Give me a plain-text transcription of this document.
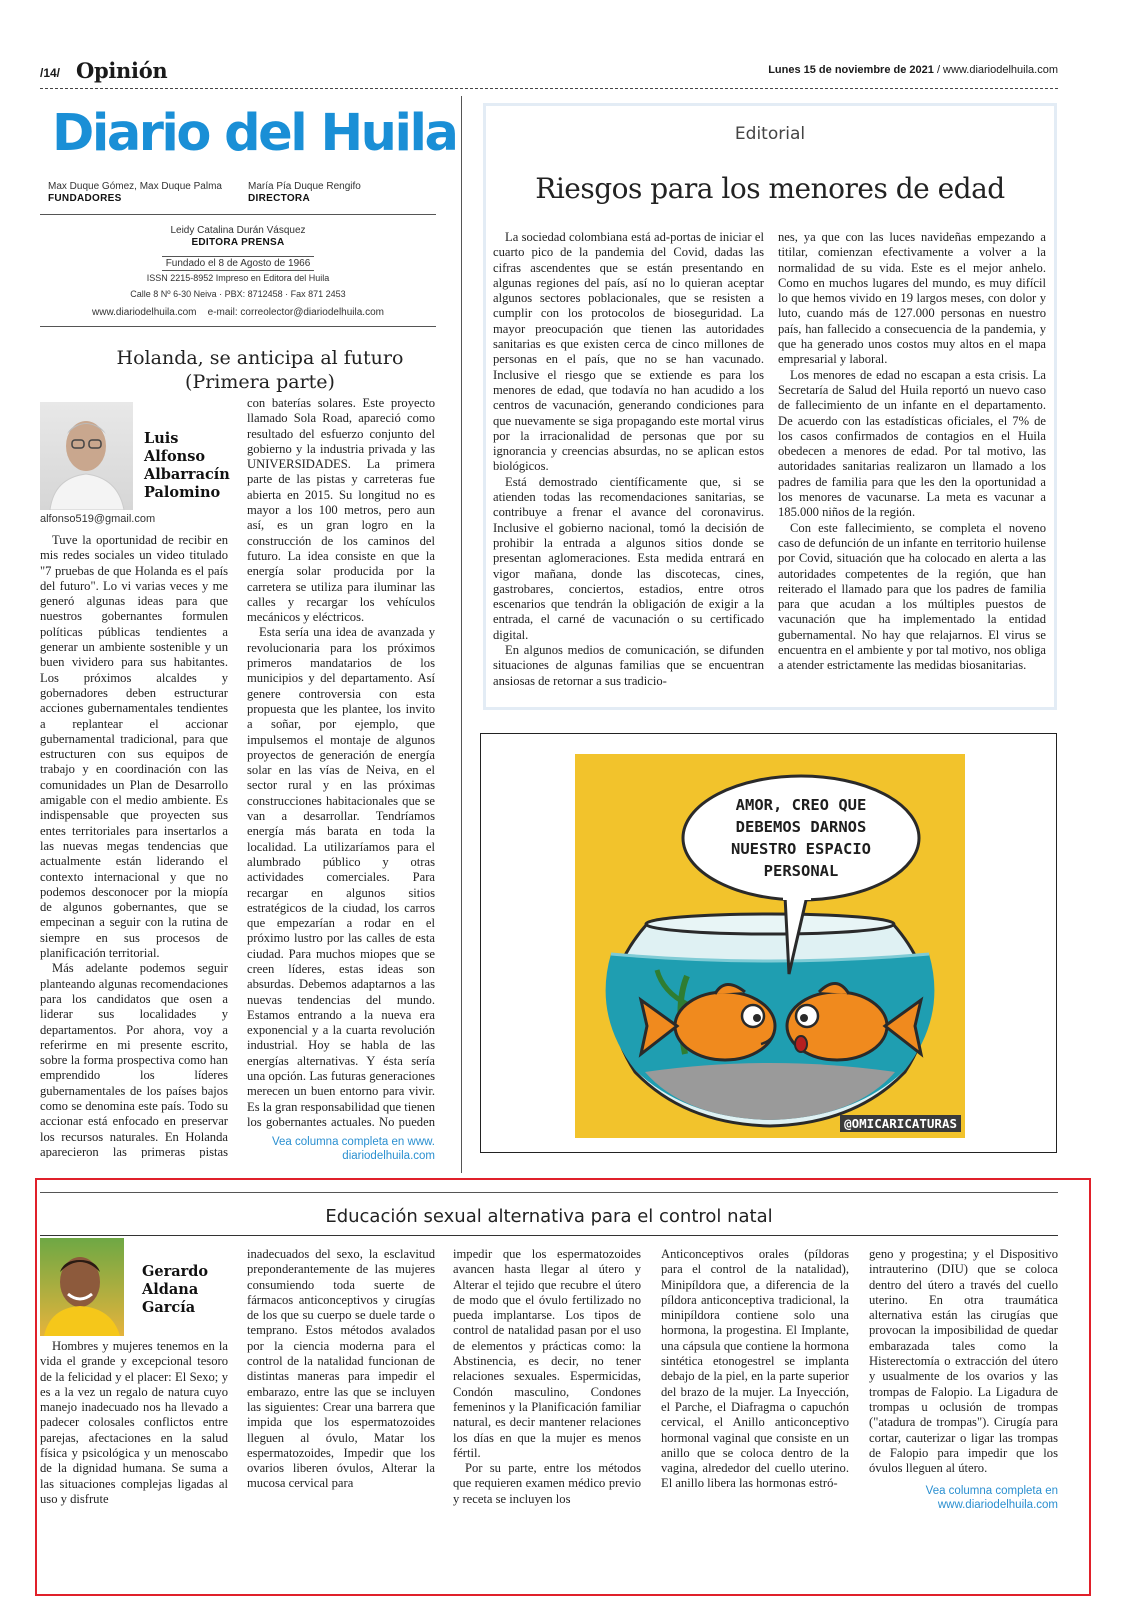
/14/ Opinión	Lunes 15 de noviembre de 2021 / www.diariodelhuila.com
Diario del Huila
Max Duque Gómez, Max Duque Palma
FUNDADORES
María Pía Duque Rengifo
DIRECTORA
Leidy Catalina Durán Vásquez
EDITORA PRENSA
Fundado el 8 de Agosto de 1966
ISSN 2215-8952 Impreso en Editora del Huila
Calle 8 Nº 6-30 Neiva · PBX: 8712458 · Fax 871 2453
www.diariodelhuila.com e-mail: correolector@diariodelhuila.com
Holanda, se anticipa al futuro
(Primera parte)
Luis
Alfonso
Albarracín
Palomino
alfonso519@gmail.com

Tuve la oportunidad de recibir en mis redes sociales un video titulado "7 pruebas de que Holanda es el país del futuro". Lo vi varias veces y me generó algunas ideas para que nuestros gobernantes formulen políticas públicas tendientes a generar un ambiente sostenible y un buen vividero para sus habitantes. Los próximos alcaldes y gobernadores deben estructurar acciones gubernamentales tendientes a replantear el accionar gubernamental tradicional, para que estructuren con sus equipos de trabajo y en coordinación con las comunidades un Plan de Desarrollo amigable con el medio ambiente. Es indispensable que proyecten sus entes territoriales para insertarlos a las nuevas megas tendencias que actualmente están liderando el contexto internacional y que no podemos desconocer por la miopía de algunos gobernantes, que se empecinan a seguir con la rutina de siempre en sus procesos de planificación territorial.

Más adelante podemos seguir planteando algunas recomendaciones para los candidatos que osen a liderar sus localidades y departamentos. Por ahora, voy a referirme en mi presente escrito, sobre la forma prospectiva como han emprendido los líderes gubernamentales de los países bajos como se denomina este país. Todo su accionar está enfocado en preservar los recursos naturales. En Holanda aparecieron las primeras pistas

con baterías solares. Este proyecto llamado Sola Road, apareció como resultado del esfuerzo conjunto del gobierno y la industria privada y las UNIVERSIDADES. La primera parte de las pistas y carreteras fue abierta en 2015. Su longitud no es mayor a los 100 metros, pero aun así, es un gran logro en la construcción de los caminos del futuro. La idea consiste en que la energía solar producida por la carretera se utiliza para iluminar las calles y recargar los vehículos mecánicos y eléctricos.

Esta sería una idea de avanzada y revolucionaria para los próximos primeros mandatarios de los municipios y del departamento. Así genere controversia con esta propuesta que les plantee, los invito a soñar, por ejemplo, que impulsemos el montaje de algunos proyectos de generación de energía solar en las vías de Neiva, en el sector rural y en las próximas construcciones habitacionales que se van a desarrollar. Tendríamos energía más barata en toda la localidad. La utilizaríamos para el alumbrado público y otras actividades comerciales. Para recargar en algunos sitios estratégicos de la ciudad, los carros que empezarían a rodar en el próximo lustro por las calles de esta ciudad. Para muchos miopes que se creen líderes, estas ideas son absurdas. Debemos adaptarnos a las nuevas tendencias del mundo. Estamos entrando a la nueva era exponencial y a la cuarta revolución industrial. Hoy se habla de las energías alternativas. Y ésta sería una opción. Las futuras generaciones merecen un buen entorno para vivir. Es la gran responsabilidad que tienen los gobernantes actuales. No pueden

Vea columna completa en www.
diariodelhuila.com
Editorial
Riesgos para los menores de edad

La sociedad colombiana está ad-portas de iniciar el cuarto pico de la pandemia del Covid, dadas las cifras ascendentes que se están presentando en algunas regiones del país, así no lo quieran aceptar algunos sectores poblacionales, que se resisten a cumplir con los protocolos de bioseguridad. La mayor preocupación que tienen las autoridades sanitarias es que existen cerca de cinco millones de personas en el país, que no se han vacunado. Inclusive el riesgo que se extiende es para los menores de edad, que todavía no han acudido a los centros de vacunación, generando condiciones para que nuevamente se siga propagando este mortal virus por la irracionalidad de personas que por su ignorancia y creencias absurdas, no se aplican estos biológicos.

Está demostrado científicamente que, si se atienden todas las recomendaciones sanitarias, se contribuye a frenar el avance del coronavirus. Inclusive el gobierno nacional, tomó la decisión de prohibir la entrada a algunos sitios donde se presentan aglomeraciones. Esta medida entrará en vigor mañana, donde las discotecas, cines, gastrobares, conciertos, estadios, entre otros escenarios que tendrán la obligación de exigir a la entrada, el carné de vacunación o su certificado digital.

En algunos medios de comunicación, se difunden situaciones de algunas familias que se encuentran ansiosas de retornar a sus tradicio-

nes, ya que con las luces navideñas empezando a titilar, comienzan efectivamente a volver a la normalidad de su vida. Este es el mejor anhelo. Como en muchos lugares del mundo, es muy difícil lo que hemos vivido en 19 largos meses, con dolor y luto, cuando más de 127.000 personas en nuestro país, han fallecido a consecuencia de la pandemia, y que ha generado unos costos muy altos en el mapa empresarial y laboral.

Los menores de edad no escapan a esta crisis. La Secretaría de Salud del Huila reportó un nuevo caso de fallecimiento de un infante en el departamento. De acuerdo con las estadísticas oficiales, el 7% de los casos confirmados de contagios en el Huila obedecen a menores de edad. Por tal motivo, las autoridades sanitarias realizaron un llamado a los padres de familia para que les den la oportunidad a los menores de vacunarse. La meta es vacunar a 185.000 niños de la región.

Con este fallecimiento, se completa el noveno caso de defunción de un infante en territorio huilense por Covid, situación que ha colocado en alerta a las autoridades competentes de la región, que han reiterado el llamado para que los padres de familia para que acudan a los múltiples puestos de vacunación que ha implementado la entidad gubernamental. No hay que relajarnos. El virus se encuentra en el ambiente y por tal motivo, nos obliga a atender estrictamente las medidas biosanitarias.

AMOR, CREO QUE
DEBEMOS DARNOS
NUESTRO ESPACIO
PERSONAL
@OMICARICATURAS
Educación sexual alternativa para el control natal
Gerardo
Aldana
García

Hombres y mujeres tenemos en la vida el grande y excepcional tesoro de la felicidad y el placer: El Sexo; y es a la vez un regalo de natura cuyo manejo inadecuado nos ha llevado a padecer colosales conflictos entre parejas, afectaciones en la salud física y psicológica y un menoscabo de la dignidad humana. Se suma a las situaciones complejas ligadas al uso y disfrute

inadecuados del sexo, la esclavitud preponderantemente de las mujeres consumiendo toda suerte de fármacos anticonceptivos y cirugías de los que su cuerpo se duele tarde o temprano. Estos métodos avalados por la ciencia moderna para el control de la natalidad funcionan de distintas maneras para impedir el embarazo, entre las que se incluyen las siguientes: Crear una barrera que impida que los espermatozoides lleguen al óvulo, Matar los espermatozoides, Impedir que los ovarios liberen óvulos, Alterar la mucosa cervical para

impedir que los espermatozoides avancen hasta llegar al útero y Alterar el tejido que recubre el útero de modo que el óvulo fertilizado no pueda implantarse. Los tipos de control de natalidad pasan por el uso de elementos y prácticas como: la Abstinencia, es decir, no tener relaciones sexuales. Espermicidas, Condón masculino, Condones femeninos y la Planificación familiar natural, es decir mantener relaciones los días en que la mujer es menos fértil.

Por su parte, entre los métodos que requieren examen médico previo y receta se incluyen los

Anticonceptivos orales (píldoras para el control de la natalidad), Minipíldora que, a diferencia de la píldora anticonceptiva tradicional, la minipíldora contiene solo una hormona, la progestina. El Implante, una cápsula que contiene la hormona sintética etonogestrel se implanta debajo de la piel, en la parte superior del brazo de la mujer. La Inyección, el Parche, el Diafragma o capuchón cervical, el Anillo anticonceptivo hormonal vaginal que consiste en un anillo que se coloca dentro de la vagina, alrededor del cuello uterino. El anillo libera las hormonas estró-

geno y progestina; y el Dispositivo intrauterino (DIU) que se coloca dentro del útero a través del cuello uterino. En otra traumática alternativa están las cirugías que provocan la imposibilidad de quedar embarazada tales como la Histerectomía o extracción del útero y usualmente de los ovarios y las trompas de Falopio. La Ligadura de trompas u oclusión de trompas ("atadura de trompas"). Cirugía para cortar, cauterizar o ligar las trompas de Falopio para impedir que los óvulos lleguen al útero.

Vea columna completa en
www.diariodelhuila.com
